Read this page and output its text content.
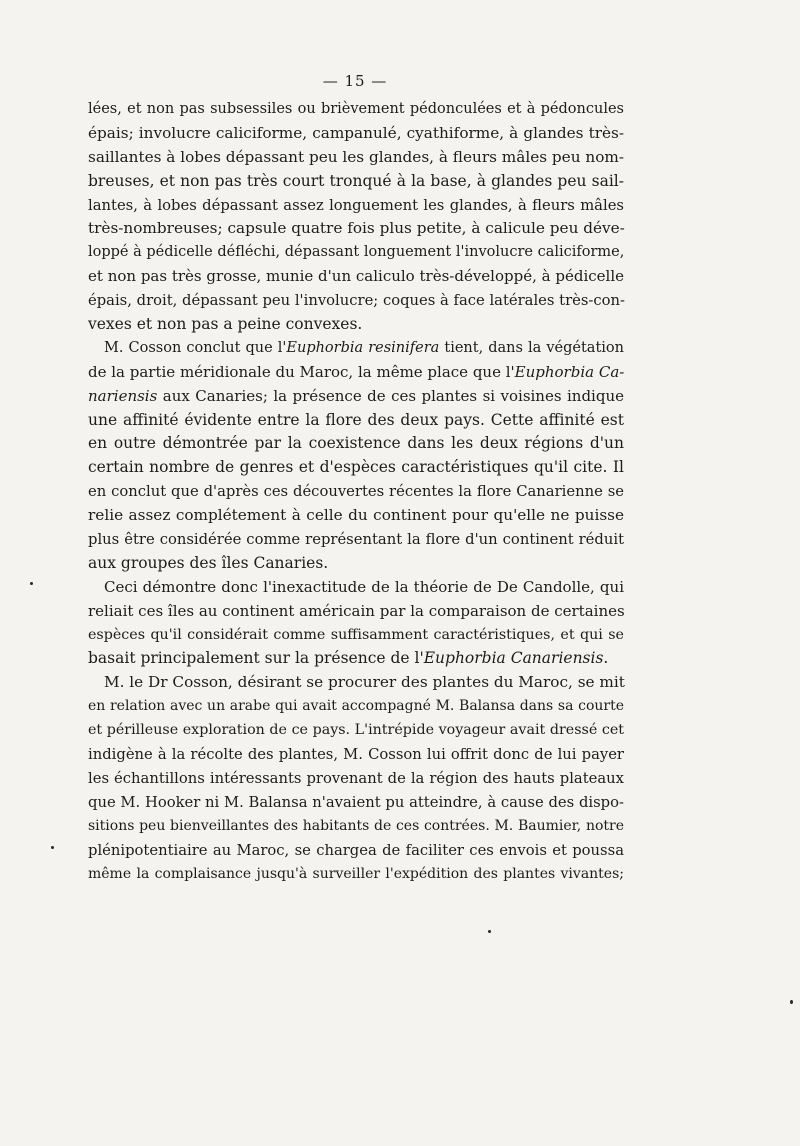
— 15 —
lées, et non pas subsessiles ou brièvement pédonculées et à pédoncules
épais; involucre caliciforme, campanulé, cyathiforme, à glandes très-
saillantes à lobes dépassant peu les glandes, à fleurs mâles peu nom-
breuses, et non pas très court tronqué à la base, à glandes peu sail-
lantes, à lobes dépassant assez longuement les glandes, à fleurs mâles
très-nombreuses; capsule quatre fois plus petite, à calicule peu déve-
loppé à pédicelle défléchi, dépassant longuement l'involucre caliciforme,
et non pas très grosse, munie d'un caliculo très-développé, à pédicelle
épais, droit, dépassant peu l'involucre; coques à face latérales très-con-
vexes et non pas a peine convexes.
M. Cosson conclut que l'Euphorbia resinifera tient, dans la végétation
de la partie méridionale du Maroc, la même place que l'Euphorbia Ca-
nariensis aux Canaries; la présence de ces plantes si voisines indique
une affinité évidente entre la flore des deux pays. Cette affinité est
en outre démontrée par la coexistence dans les deux régions d'un
certain nombre de genres et d'espèces caractéristiques qu'il cite. Il
en conclut que d'après ces découvertes récentes la flore Canarienne se
relie assez complétement à celle du continent pour qu'elle ne puisse
plus être considérée comme représentant la flore d'un continent réduit
aux groupes des îles Canaries.
Ceci démontre donc l'inexactitude de la théorie de De Candolle, qui
reliait ces îles au continent américain par la comparaison de certaines
espèces qu'il considérait comme suffisamment caractéristiques, et qui se
basait principalement sur la présence de l'Euphorbia Canariensis.
M. le Dr Cosson, désirant se procurer des plantes du Maroc, se mit
en relation avec un arabe qui avait accompagné M. Balansa dans sa courte
et périlleuse exploration de ce pays. L'intrépide voyageur avait dressé cet
indigène à la récolte des plantes, M. Cosson lui offrit donc de lui payer
les échantillons intéressants provenant de la région des hauts plateaux
que M. Hooker ni M. Balansa n'avaient pu atteindre, à cause des dispo-
sitions peu bienveillantes des habitants de ces contrées. M. Baumier, notre
plénipotentiaire au Maroc, se chargea de faciliter ces envois et poussa
même la complaisance jusqu'à surveiller l'expédition des plantes vivantes;
